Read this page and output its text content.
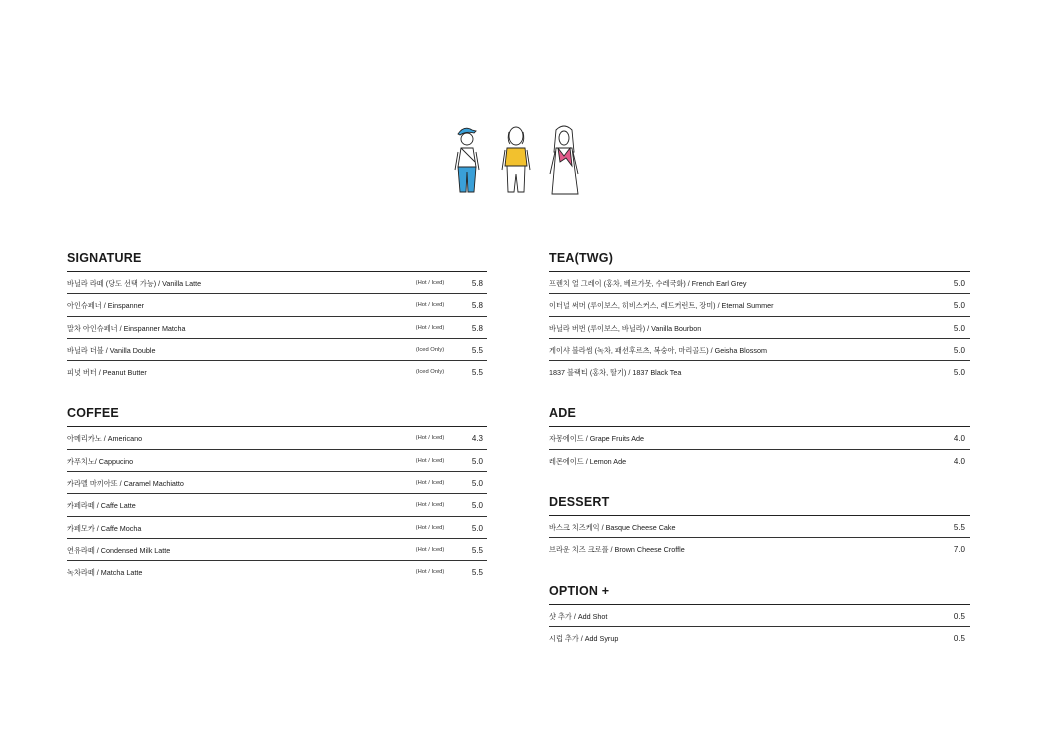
SIGNATURE
바닐라 라떼 (당도 선택 가능) / Vanilla Latte	(Hot / Iced)	5.8
아인슈페너 / Einspanner	(Hot / Iced)	5.8
말차 아인슈페너 / Einspanner Matcha	(Hot / Iced)	5.8
바닐라 더블 / Vanilla Double	(Iced Only)	5.5
피넛 버터 / Peanut Butter	(Iced Only)	5.5
COFFEE
아메리카노 / Americano	(Hot / Iced)	4.3
카푸치노/ Cappucino	(Hot / Iced)	5.0
카라멜 마끼아또 / Caramel Machiatto	(Hot / Iced)	5.0
카페라떼 / Caffe Latte	(Hot / Iced)	5.0
카페모카 / Caffe Mocha	(Hot / Iced)	5.0
연유라떼 / Condensed Milk Latte	(Hot / Iced)	5.5
녹차라떼 / Matcha Latte	(Hot / Iced)	5.5
TEA(TWG)
프렌치 얼 그레이 (홍차, 베르가못, 수레국화) / French Earl Grey	5.0
이터널 써머 (루이보스, 히비스커스, 레드커런트, 장미) / Eternal Summer	5.0
바닐라 버번 (루이보스, 바닐라) / Vanilla Bourbon	5.0
게이샤 블라썸 (녹차, 패션후르츠, 복숭아, 마리골드) / Geisha Blossom	5.0
1837 블랙티 (홍차, 딸기) / 1837 Black Tea	5.0
ADE
자몽에이드 / Grape Fruits Ade	4.0
레몬에이드 / Lemon Ade	4.0
DESSERT
바스크 치즈케익 / Basque Cheese Cake	5.5
브라운 치즈 크로플 / Brown Cheese Croffle	7.0
OPTION +
샷 추가 / Add Shot	0.5
시럽 추가 / Add Syrup	0.5
